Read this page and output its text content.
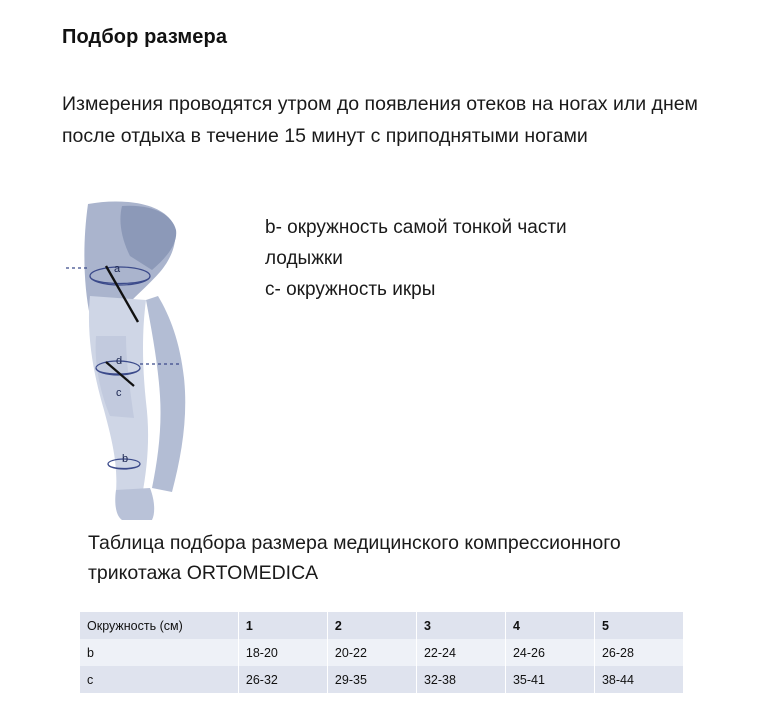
Подбор размера
Измерения проводятся утром до появления отеков на ногах или днем после отдыха в течение 15 минут с приподнятыми ногами
a
d
c
b
b- окружность самой тонкой части
лодыжки
c- окружность икры
Таблица подбора размера медицинского компрессионного трикотажа ORTOMEDICA
Окружность (см)	1	2	3	4	5
b	18-20	20-22	22-24	24-26	26-28
c	26-32	29-35	32-38	35-41	38-44
